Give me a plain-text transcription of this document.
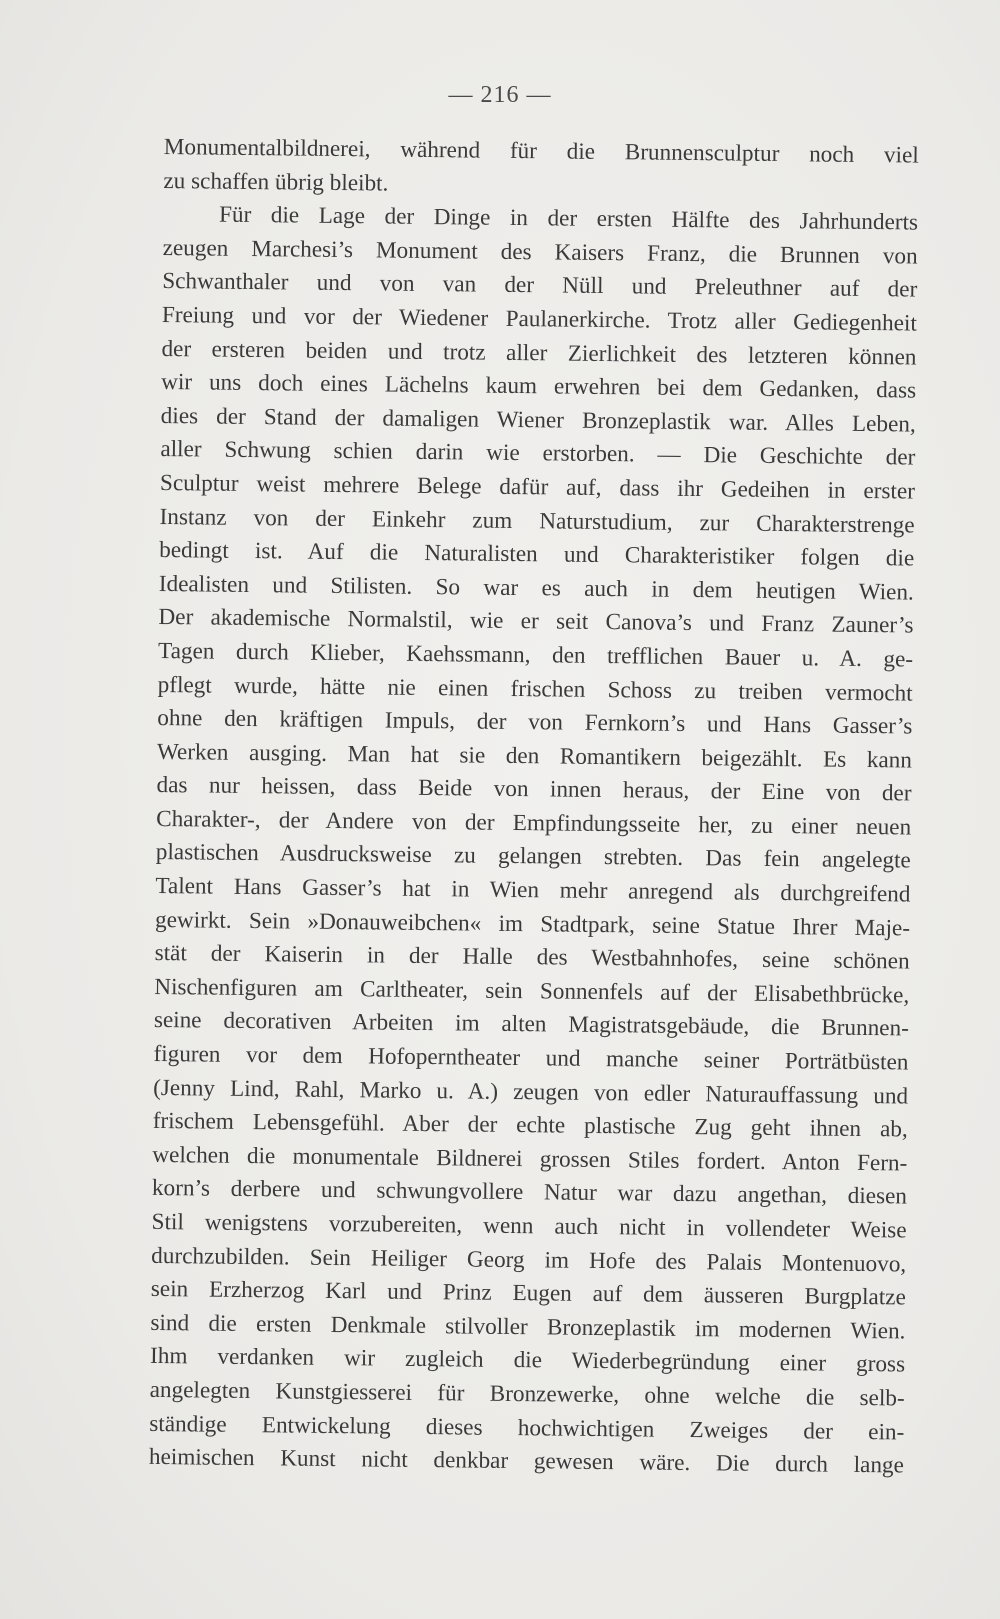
— 216 —
Monumentalbildnerei, während für die Brunnensculptur noch viel
zu schaffen übrig bleibt.
Für die Lage der Dinge in der ersten Hälfte des Jahrhunderts
zeugen Marchesi’s Monument des Kaisers Franz, die Brunnen von
Schwanthaler und von van der Nüll und Preleuthner auf der
Freiung und vor der Wiedener Paulanerkirche. Trotz aller Gediegenheit
der ersteren beiden und trotz aller Zierlichkeit des letzteren können
wir uns doch eines Lächelns kaum erwehren bei dem Gedanken, dass
dies der Stand der damaligen Wiener Bronzeplastik war. Alles Leben,
aller Schwung schien darin wie erstorben. — Die Geschichte der
Sculptur weist mehrere Belege dafür auf, dass ihr Gedeihen in erster
Instanz von der Einkehr zum Naturstudium, zur Charakterstrenge
bedingt ist. Auf die Naturalisten und Charakteristiker folgen die
Idealisten und Stilisten. So war es auch in dem heutigen Wien.
Der akademische Normalstil, wie er seit Canova’s und Franz Zauner’s
Tagen durch Klieber, Kaehssmann, den trefflichen Bauer u. A. ge-
pflegt wurde, hätte nie einen frischen Schoss zu treiben vermocht
ohne den kräftigen Impuls, der von Fernkorn’s und Hans Gasser’s
Werken ausging. Man hat sie den Romantikern beigezählt. Es kann
das nur heissen, dass Beide von innen heraus, der Eine von der
Charakter-, der Andere von der Empfindungsseite her, zu einer neuen
plastischen Ausdrucksweise zu gelangen strebten. Das fein angelegte
Talent Hans Gasser’s hat in Wien mehr anregend als durchgreifend
gewirkt. Sein »Donauweibchen« im Stadtpark, seine Statue Ihrer Maje-
stät der Kaiserin in der Halle des Westbahnhofes, seine schönen
Nischenfiguren am Carltheater, sein Sonnenfels auf der Elisabethbrücke,
seine decorativen Arbeiten im alten Magistratsgebäude, die Brunnen-
figuren vor dem Hofoperntheater und manche seiner Porträtbüsten
(Jenny Lind, Rahl, Marko u. A.) zeugen von edler Naturauffassung und
frischem Lebensgefühl. Aber der echte plastische Zug geht ihnen ab,
welchen die monumentale Bildnerei grossen Stiles fordert. Anton Fern-
korn’s derbere und schwungvollere Natur war dazu angethan, diesen
Stil wenigstens vorzubereiten, wenn auch nicht in vollendeter Weise
durchzubilden. Sein Heiliger Georg im Hofe des Palais Montenuovo,
sein Erzherzog Karl und Prinz Eugen auf dem äusseren Burgplatze
sind die ersten Denkmale stilvoller Bronzeplastik im modernen Wien.
Ihm verdanken wir zugleich die Wiederbegründung einer gross
angelegten Kunstgiesserei für Bronzewerke, ohne welche die selb-
ständige Entwickelung dieses hochwichtigen Zweiges der ein-
heimischen Kunst nicht denkbar gewesen wäre. Die durch lange
